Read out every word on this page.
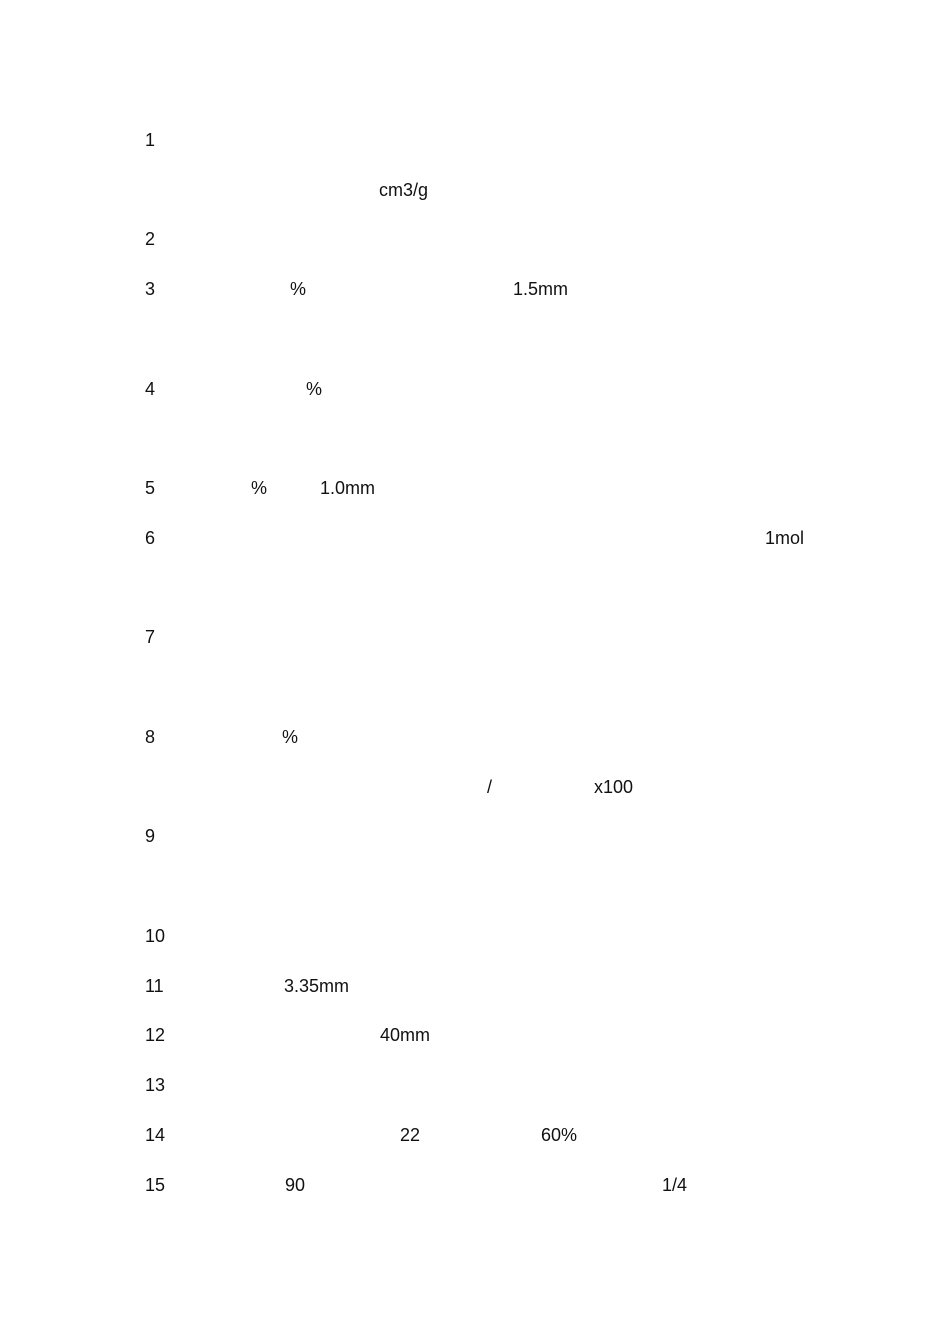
1
cm3/g
2
3	%	1.5mm
4	%
5	%	1.0mm
6	1mol
7
8	%
/	x100
9
10
11	3.35mm
12	40mm
13
14	22	60%
15	90	1/4
